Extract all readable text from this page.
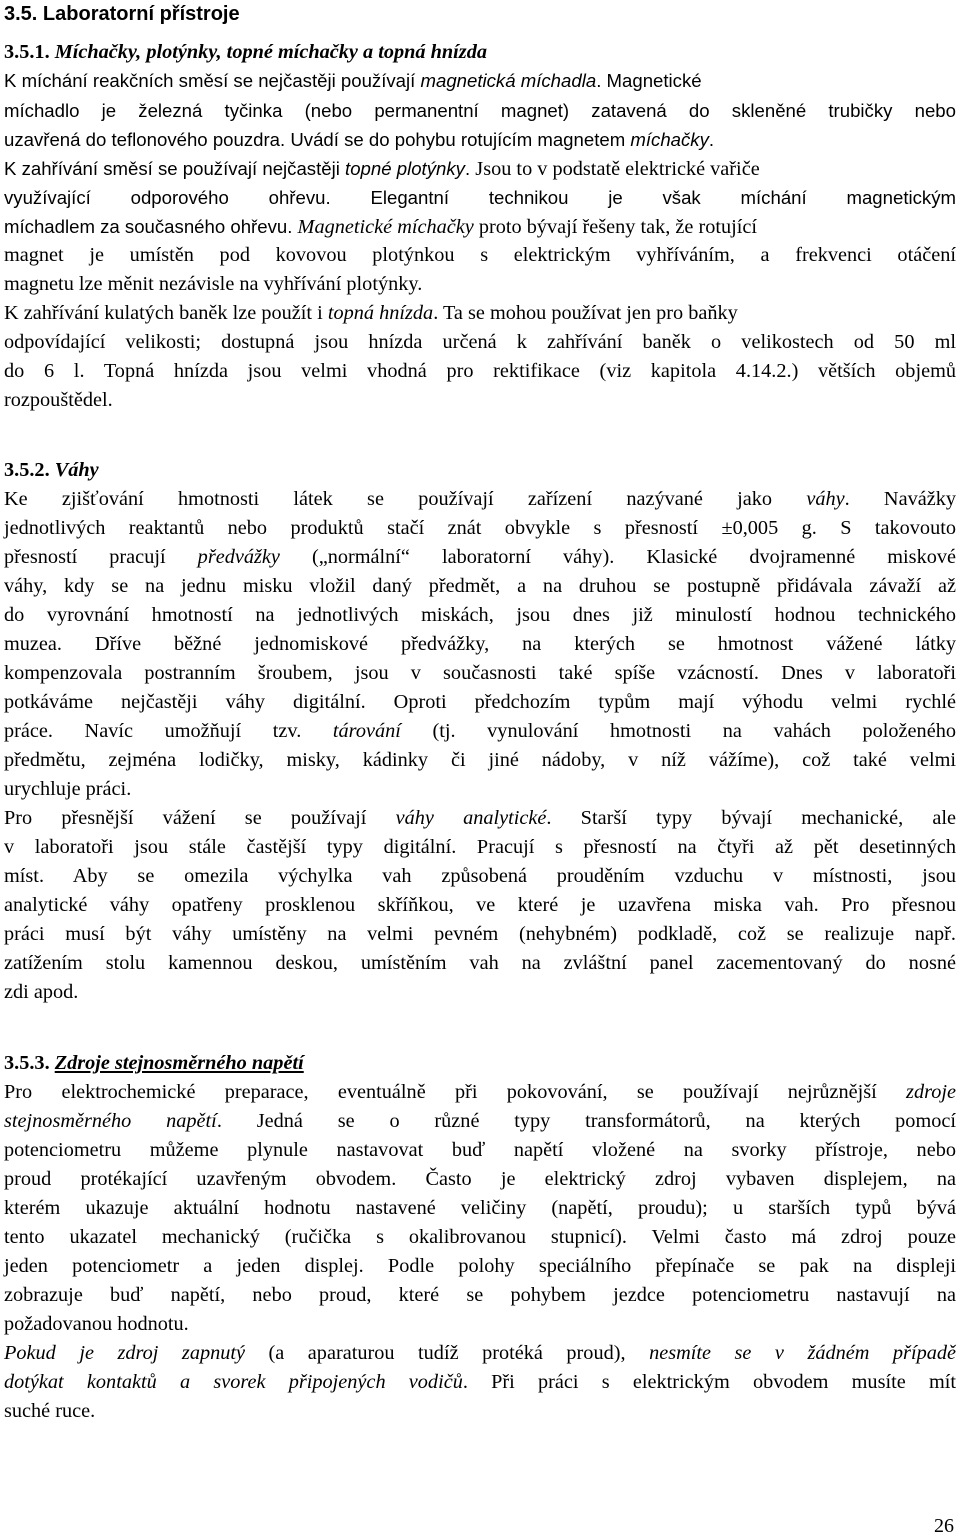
3.5. Laboratorní přístroje
3.5.1. Míchačky, plotýnky, topné míchačky a topná hnízda
K míchání reakčních směsí se nejčastěji používají magnetická míchadla. Magnetické
míchadlo je železná tyčinka (nebo permanentní magnet) zatavená do skleněné trubičky nebo
uzavřená do teflonového pouzdra. Uvádí se do pohybu rotujícím magnetem míchačky.
K zahřívání směsí se používají nejčastěji topné plotýnky. Jsou to v podstatě elektrické vařiče
využívající odporového ohřevu. Elegantní technikou je však míchání magnetickým
míchadlem za současného ohřevu. Magnetické míchačky proto bývají řešeny tak, že rotující
magnet je umístěn pod kovovou plotýnkou s elektrickým vyhříváním, a frekvenci otáčení
magnetu lze měnit nezávisle na vyhřívání plotýnky.
K zahřívání kulatých baněk lze použít i topná hnízda. Ta se mohou používat jen pro baňky
odpovídající velikosti; dostupná jsou hnízda určená k zahřívání baněk o velikostech od 50 ml
do 6 l. Topná hnízda jsou velmi vhodná pro rektifikace (viz kapitola 4.14.2.) větších objemů
rozpouštědel.
3.5.2. Váhy
Ke zjišťování hmotnosti látek se používají zařízení nazývané jako váhy. Navážky
jednotlivých reaktantů nebo produktů stačí znát obvykle s přesností ±0,005 g. S takovouto
přesností pracují předvážky („normální“ laboratorní váhy). Klasické dvojramenné miskové
váhy, kdy se na jednu misku vložil daný předmět, a na druhou se postupně přidávala závaží až
do vyrovnání hmotností na jednotlivých miskách, jsou dnes již minulostí hodnou technického
muzea. Dříve běžné jednomiskové předvážky, na kterých se hmotnost vážené látky
kompenzovala postranním šroubem, jsou v současnosti také spíše vzácností. Dnes v laboratoři
potkáváme nejčastěji váhy digitální. Oproti předchozím typům mají výhodu velmi rychlé
práce. Navíc umožňují tzv. tárování (tj. vynulování hmotnosti na vahách položeného
předmětu, zejména lodičky, misky, kádinky či jiné nádoby, v níž vážíme), což také velmi
urychluje práci.
Pro přesnější vážení se používají váhy analytické. Starší typy bývají mechanické, ale
v laboratoři jsou stále častější typy digitální. Pracují s přesností na čtyři až pět desetinných
míst. Aby se omezila výchylka vah způsobená prouděním vzduchu v místnosti, jsou
analytické váhy opatřeny prosklenou skříňkou, ve které je uzavřena miska vah. Pro přesnou
práci musí být váhy umístěny na velmi pevném (nehybném) podkladě, což se realizuje např.
zatížením stolu kamennou deskou, umístěním vah na zvláštní panel zacementovaný do nosné
zdi apod.
3.5.3. Zdroje stejnosměrného napětí
Pro elektrochemické preparace, eventuálně při pokovování, se používají nejrůznější zdroje
stejnosměrného napětí. Jedná se o různé typy transformátorů, na kterých pomocí
potenciometru můžeme plynule nastavovat buď napětí vložené na svorky přístroje, nebo
proud protékající uzavřeným obvodem. Často je elektrický zdroj vybaven displejem, na
kterém ukazuje aktuální hodnotu nastavené veličiny (napětí, proudu); u starších typů bývá
tento ukazatel mechanický (ručička s okalibrovanou stupnicí). Velmi často má zdroj pouze
jeden potenciometr a jeden displej. Podle polohy speciálního přepínače se pak na displeji
zobrazuje buď napětí, nebo proud, které se pohybem jezdce potenciometru nastavují na
požadovanou hodnotu.
Pokud je zdroj zapnutý (a aparaturou tudíž protéká proud), nesmíte se v žádném případě
dotýkat kontaktů a svorek připojených vodičů. Při práci s elektrickým obvodem musíte mít
suché ruce.
26
